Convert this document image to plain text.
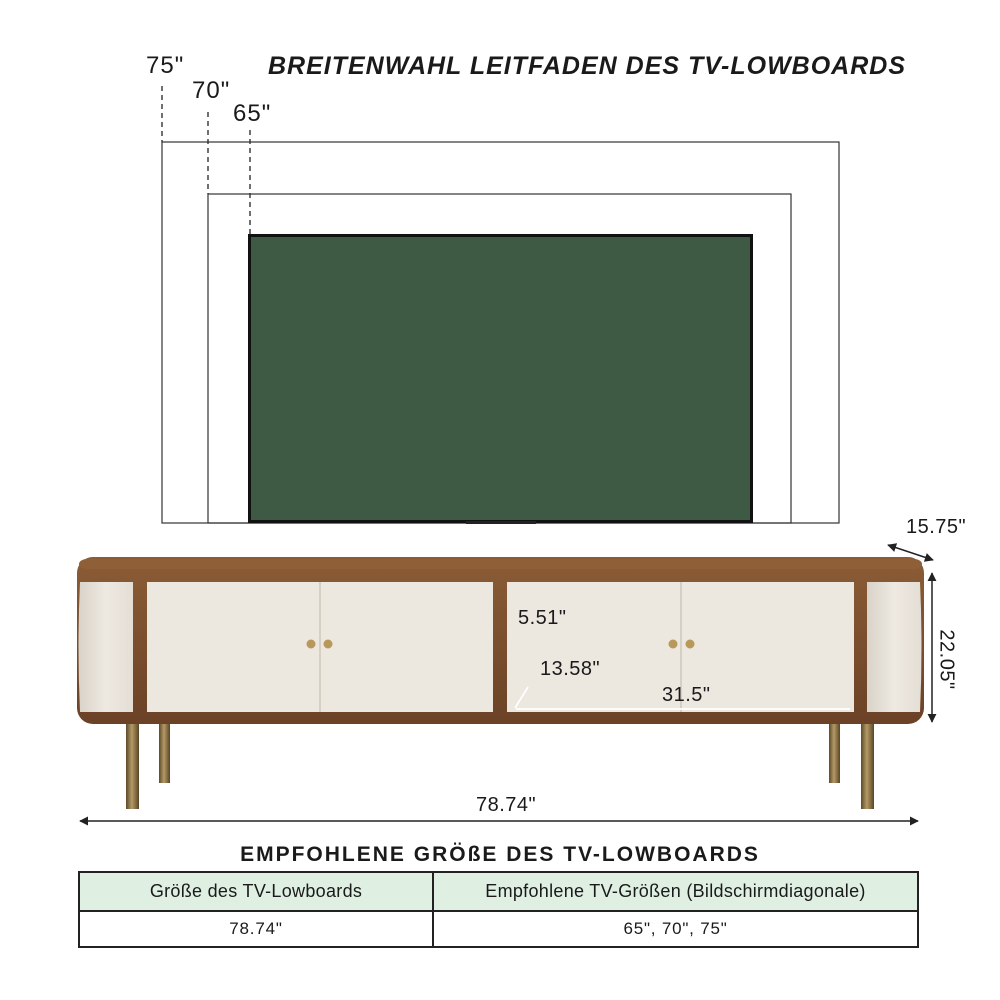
BREITENWAHL LEITFADEN DES TV-LOWBOARDS
75"
70"
65"
15.75"
22.05"
5.51"
13.58"
31.5"
78.74"
EMPFOHLENE GRÖßE DES TV-LOWBOARDS
Größe des TV-Lowboards	Empfohlene TV-Größen (Bildschirmdiagonale)
78.74"	65", 70", 75"
